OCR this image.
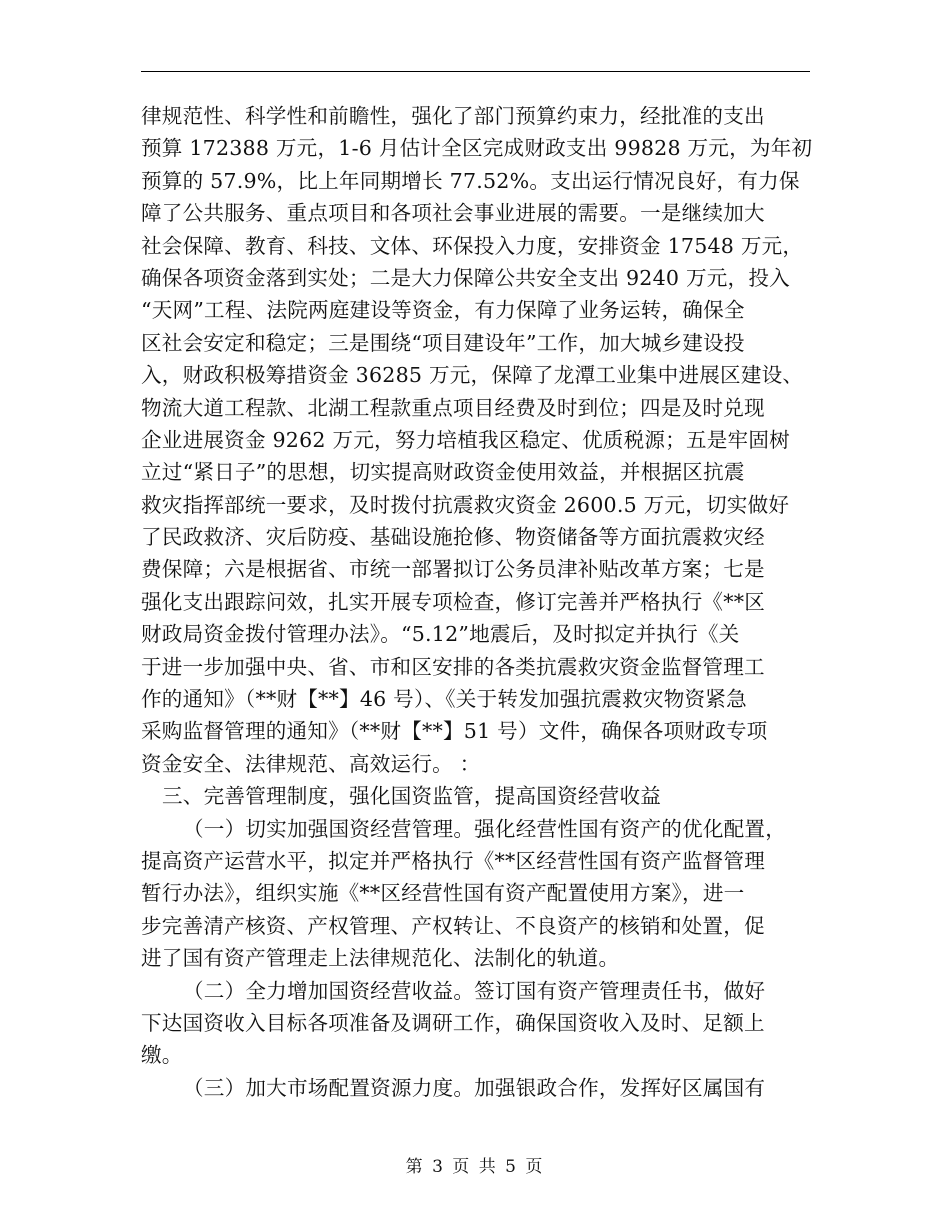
律规范性、科学性和前瞻性，强化了部门预算约束力，经批准的支出
预算 172388 万元，1-6 月估计全区完成财政支出 99828 万元，为年初
预算的 57.9%，比上年同期增长 77.52%。支出运行情况良好，有力保
障了公共服务、重点项目和各项社会事业进展的需要。一是继续加大
社会保障、教育、科技、文体、环保投入力度，安排资金 17548 万元，
确保各项资金落到实处；二是大力保障公共安全支出 9240 万元，投入
“天网”工程、法院两庭建设等资金，有力保障了业务运转，确保全
区社会安定和稳定；三是围绕“项目建设年”工作，加大城乡建设投
入，财政积极筹措资金 36285 万元，保障了龙潭工业集中进展区建设、
物流大道工程款、北湖工程款重点项目经费及时到位；四是及时兑现
企业进展资金 9262 万元，努力培植我区稳定、优质税源；五是牢固树
立过“紧日子”的思想，切实提高财政资金使用效益，并根据区抗震
救灾指挥部统一要求，及时拨付抗震救灾资金 2600.5 万元，切实做好
了民政救济、灾后防疫、基础设施抢修、物资储备等方面抗震救灾经
费保障；六是根据省、市统一部署拟订公务员津补贴改革方案；七是
强化支出跟踪问效，扎实开展专项检查，修订完善并严格执行《**区
财政局资金拨付管理办法》。“5.12”地震后，及时拟定并执行《关
于进一步加强中央、省、市和区安排的各类抗震救灾资金监督管理工
作的通知》（**财【**】46 号）、《关于转发加强抗震救灾物资紧急
采购监督管理的通知》（**财【**】51 号）文件，确保各项财政专项
资金安全、法律规范、高效运行。 ：
三、完善管理制度，强化国资监管，提高国资经营收益
（一）切实加强国资经营管理。强化经营性国有资产的优化配置，
提高资产运营水平，拟定并严格执行《**区经营性国有资产监督管理
暂行办法》，组织实施《**区经营性国有资产配置使用方案》，进一
步完善清产核资、产权管理、产权转让、不良资产的核销和处置，促
进了国有资产管理走上法律规范化、法制化的轨道。
（二）全力增加国资经营收益。签订国有资产管理责任书，做好
下达国资收入目标各项准备及调研工作，确保国资收入及时、足额上
缴。
（三）加大市场配置资源力度。加强银政合作，发挥好区属国有
第 3 页 共 5 页
